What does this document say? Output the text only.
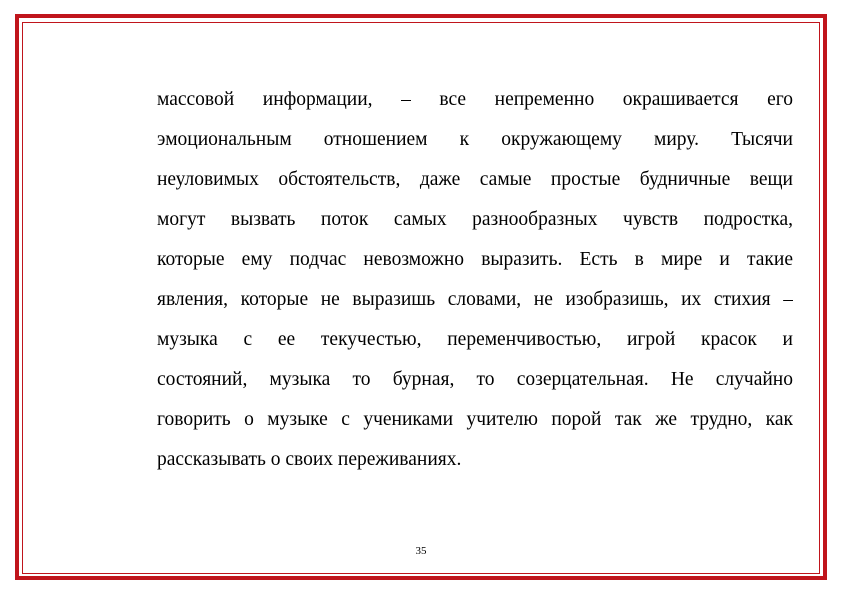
массовой информации, – все непременно окрашивается его
эмоциональным отношением к окружающему миру. Тысячи
неуловимых обстоятельств, даже самые простые будничные вещи
могут вызвать поток самых разнообразных чувств подростка,
которые ему подчас невозможно выразить. Есть в мире и такие
явления, которые не выразишь словами, не изобразишь, их стихия –
музыка с ее текучестью, переменчивостью, игрой красок и
состояний, музыка то бурная, то созерцательная. Не случайно
говорить о музыке с учениками учителю порой так же трудно, как
рассказывать о своих переживаниях.
35
